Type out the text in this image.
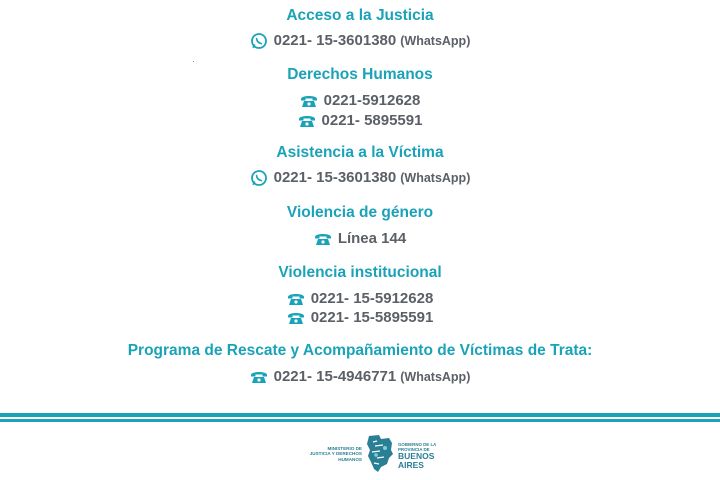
Acceso a la Justicia

0221- 15-3601380 (WhatsApp)

Derechos Humanos

0221-5912628
0221- 5895591

Asistencia a la Víctima

0221- 15-3601380 (WhatsApp)

Violencia de género

Línea 144

Violencia institucional

0221- 15-5912628
0221- 15-5895591

Programa de Rescate y Acompañamiento de Víctimas de Trata:

0221- 15-4946771 (WhatsApp)
MINISTERIO DE
JUSTICIA Y DERECHOS
HUMANOS
GOBIERNO DE LA
PROVINCIA DE
BUENOS
AIRES
